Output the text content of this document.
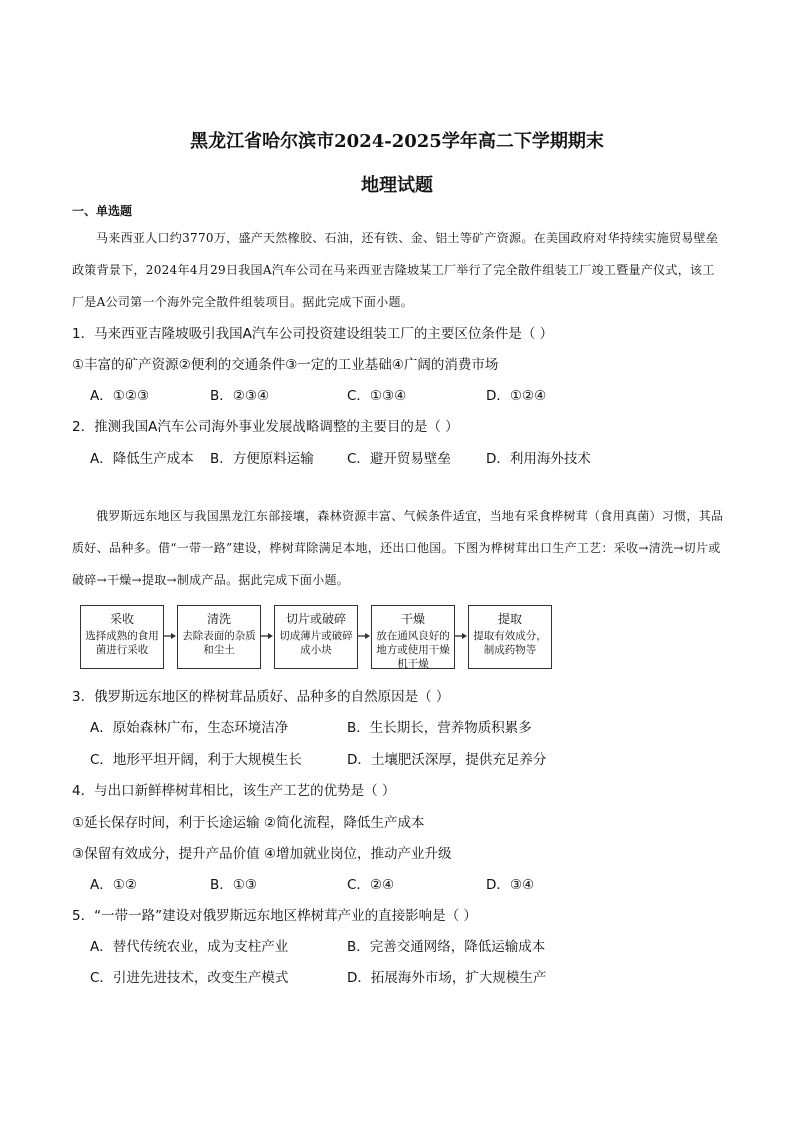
黑龙江省哈尔滨市2024-2025学年高二下学期期末
地理试题
一、单选题
马来西亚人口约3770万，盛产天然橡胶、石油，还有铁、金、铝土等矿产资源。在美国政府对华持续实施贸易壁垒政策背景下，2024年4月29日我国A汽车公司在马来西亚吉隆坡某工厂举行了完全散件组装工厂竣工暨量产仪式，该工厂是A公司第一个海外完全散件组装项目。据此完成下面小题。
1．马来西亚吉隆坡吸引我国A汽车公司投资建设组装工厂的主要区位条件是（ ）
①丰富的矿产资源②便利的交通条件③一定的工业基础④广阔的消费市场
A．①②③	B．②③④	C．①③④	D．①②④
2．推测我国A汽车公司海外事业发展战略调整的主要目的是（ ）
A．降低生产成本 B．方便原料运输 C．避开贸易壁垒	D．利用海外技术
俄罗斯远东地区与我国黑龙江东部接壤，森林资源丰富、气候条件适宜，当地有采食桦树茸（食用真菌）习惯，其品质好、品种多。借“一带一路”建设，桦树茸除满足本地，还出口他国。下图为桦树茸出口生产工艺：采收→清洗→切片或破碎→干燥→提取→制成产品。据此完成下面小题。
采收
选择成熟的食用菌进行采收
清洗
去除表面的杂质和尘土
切片或破碎
切成薄片或破碎成小块
干燥
放在通风良好的地方或使用干燥机干燥
提取
提取有效成分，制成药物等
3．俄罗斯远东地区的桦树茸品质好、品种多的自然原因是（ ）
A．原始森林广布，生态环境洁净	B．生长期长，营养物质积累多
C．地形平坦开阔，利于大规模生长	D．土壤肥沃深厚，提供充足养分
4．与出口新鲜桦树茸相比，该生产工艺的优势是（ ）
①延长保存时间，利于长途运输 ②简化流程，降低生产成本
③保留有效成分，提升产品价值 ④增加就业岗位，推动产业升级
A．①②	B．①③	C．②④	D．③④
5．“一带一路”建设对俄罗斯远东地区桦树茸产业的直接影响是（ ）
A．替代传统农业，成为支柱产业	B．完善交通网络，降低运输成本
C．引进先进技术，改变生产模式	D．拓展海外市场，扩大规模生产
